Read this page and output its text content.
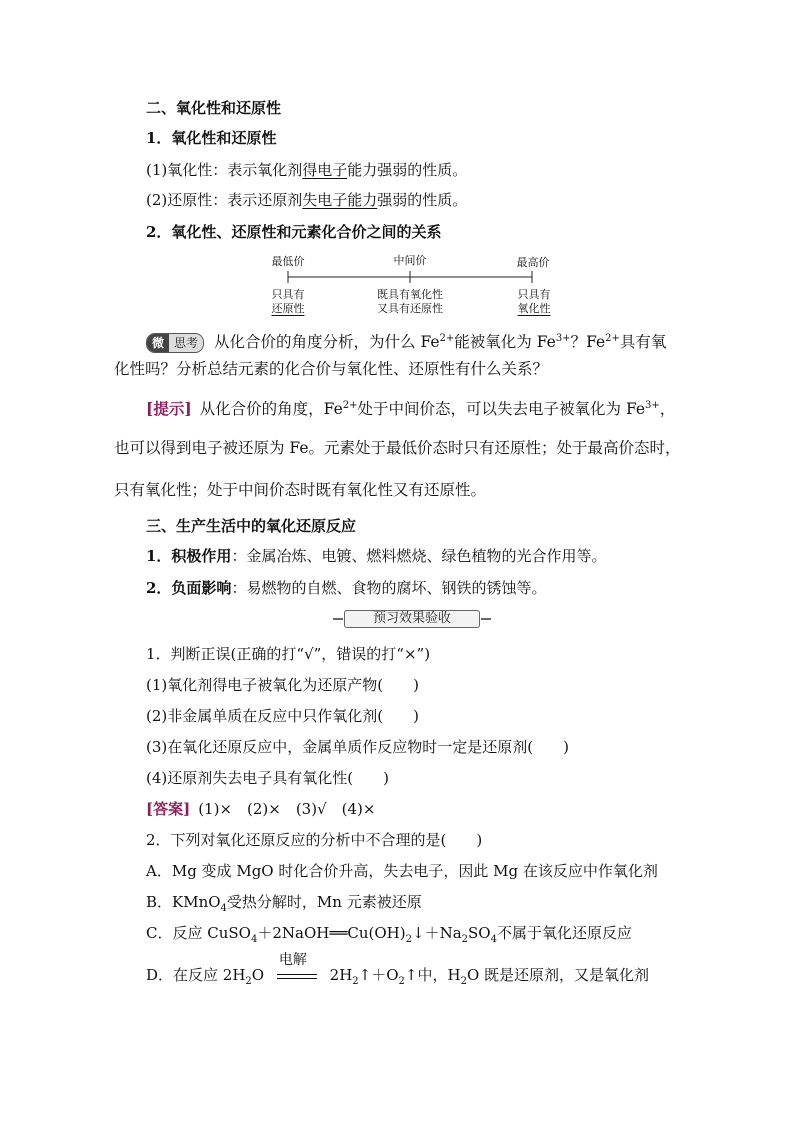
二、氧化性和还原性
1．氧化性和还原性
(1)氧化性：表示氧化剂得电子能力强弱的性质。
(2)还原性：表示还原剂失电子能力强弱的性质。
2．氧化性、还原性和元素化合价之间的关系
最低价	中间价	最高价
只具有
还原性
既具有氧化性
又具有还原性
只具有
氧化性
微 思考 从化合价的角度分析，为什么 $Fe^{2+}$能被氧化为 $Fe^{3+}$？$Fe^{2+}$具有氧
化性吗？分析总结元素的化合价与氧化性、还原性有什么关系？
[提示] 从化合价的角度，$Fe^{2+}$处于中间价态，可以失去电子被氧化为 $Fe^{3+}$，
也可以得到电子被还原为 Fe。元素处于最低价态时只有还原性；处于最高价态时，
只有氧化性；处于中间价态时既有氧化性又有还原性。
三、生产生活中的氧化还原反应
1．积极作用：金属冶炼、电镀、燃料燃烧、绿色植物的光合作用等。
2．负面影响：易燃物的自燃、食物的腐坏、钢铁的锈蚀等。
预习效果验收
1．判断正误(正确的打“√”，错误的打“×”)
(1)氧化剂得电子被氧化为还原产物(　　)
(2)非金属单质在反应中只作氧化剂(　　)
(3)在氧化还原反应中，金属单质作反应物时一定是还原剂(　　)
(4)还原剂失去电子具有氧化性(　　)
[答案] (1)×　(2)×　(3)√　(4)×
2．下列对氧化还原反应的分析中不合理的是(　　)
A．Mg 变成 MgO 时化合价升高，失去电子，因此 Mg 在该反应中作氧化剂
B．KMnO$_4$受热分解时，Mn 元素被还原
C．反应 $CuSO_4+2NaOH══Cu(OH)_2↓+Na_2SO_4$不属于氧化还原反应
D．在反应 $2H_2O$
电解
$2H_2↑+O_2↑$中，$H_2O$ 既是还原剂，又是氧化剂
